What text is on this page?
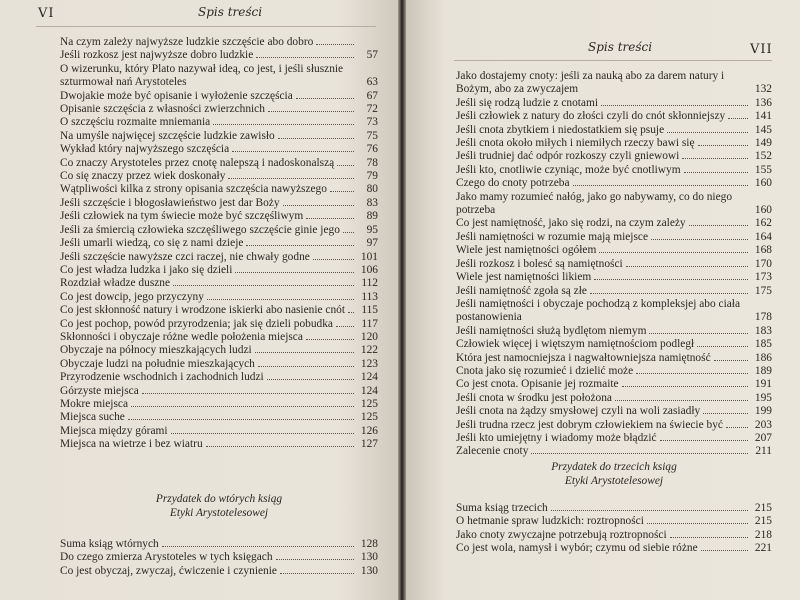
VI	Spis treści
Na czym zależy najwyższe ludzkie szczęście abo dobro
Jeśli rozkosz jest najwyższe dobro ludzkie	57
O wizerunku, który Plato nazywał ideą, co jest, i jeśli słusznie szturmował nań Arystoteles	63
Dwojakie może być opisanie i wyłożenie szczęścia	67
Opisanie szczęścia z własności zwierzchnich	72
O szczęściu rozmaite mniemania	73
Na umyśle najwięcej szczęście ludzkie zawisło	75
Wykład który najwyższego szczęścia	76
Co znaczy Arystoteles przez cnotę nalepszą i nadoskonalszą	78
Co się znaczy przez wiek doskonały	79
Wątpliwości kilka z strony opisania szczęścia nawyższego	80
Jeśli szczęście i błogosławieństwo jest dar Boży	83
Jeśli człowiek na tym świecie może być szczęśliwym	89
Jeśli za śmiercią człowieka szczęśliwego szczęście ginie jego	95
Jeśli umarli wiedzą, co się z nami dzieje	97
Jeśli szczęście nawyższe czci raczej, nie chwały godne	101
Co jest władza ludzka i jako się dzieli	106
Rozdział władze duszne	112
Co jest dowcip, jego przyczyny	113
Co jest skłonność natury i wrodzone iskierki abo nasienie cnót	115
Co jest pochop, powód przyrodzenia; jak się dzieli pobudka	117
Skłonności i obyczaje różne wedle położenia miejsca	120
Obyczaje na północy mieszkających ludzi	122
Obyczaje ludzi na południe mieszkających	123
Przyrodzenie wschodnich i zachodnich ludzi	124
Górzyste miejsca	124
Mokre miejsca	125
Miejsca suche	125
Miejsca między górami	126
Miejsca na wietrze i bez wiatru	127
Przydatek do wtórych ksiąg
Etyki Arystotelesowej
Suma ksiąg wtórnych	128
Do czego zmierza Arystoteles w tych księgach	130
Co jest obyczaj, zwyczaj, ćwiczenie i czynienie	130
Spis treści	VII
Jako dostajemy cnoty: jeśli za nauką abo za darem natury i Bożym, abo za zwyczajem	132
Jeśli się rodzą ludzie z cnotami	136
Jeśli człowiek z natury do złości czyli do cnót skłonniejszy	141
Jeśli cnota zbytkiem i niedostatkiem się psuje	145
Jeśli cnota około miłych i niemiłych rzeczy bawi się	149
Jeśli trudniej dać odpór rozkoszy czyli gniewowi	152
Jeśli kto, cnotliwie czyniąc, może być cnotliwym	155
Czego do cnoty potrzeba	160
Jako mamy rozumieć nałóg, jako go nabywamy, co do niego potrzeba	160
Co jest namiętność, jako się rodzi, na czym zależy	162
Jeśli namiętności w rozumie mają miejsce	164
Wiele jest namiętności ogółem	168
Jeśli rozkosz i bolesć są namiętności	170
Wiele jest namiętności likiem	173
Jeśli namiętność zgoła są złe	175
Jeśli namiętności i obyczaje pochodzą z kompleksjej abo ciała postanowienia	178
Jeśli namiętności służą bydlętom niemym	183
Człowiek więcej i więtszym namiętnościom podległ	185
Która jest namocniejsza i nagwałtowniejsza namiętność	186
Cnota jako się rozumieć i dzielić może	189
Co jest cnota. Opisanie jej rozmaite	191
Jeśli cnota w środku jest położona	195
Jeśli cnota na żądzy smysłowej czyli na woli zasiadły	199
Jeśli trudna rzecz jest dobrym człowiekiem na świecie być	203
Jeśli kto umiejętny i wiadomy może błądzić	207
Zalecenie cnoty	211
Przydatek do trzecich ksiąg
Etyki Arystotelesowej
Suma ksiąg trzecich	215
O hetmanie spraw ludzkich: roztropności	215
Jako cnoty zwyczajne potrzebują roztropności	218
Co jest wola, namysł i wybór; czymu od siebie różne	221
